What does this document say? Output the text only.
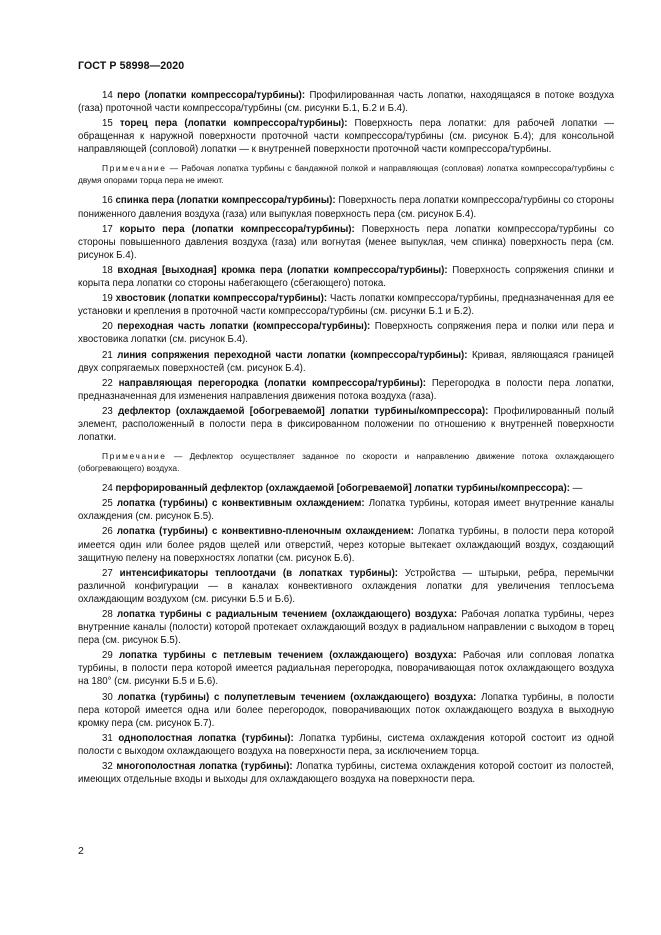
ГОСТ Р 58998—2020

14 перо (лопатки компрессора/турбины): Профилированная часть лопатки, находящаяся в потоке воздуха (газа) проточной части компрессора/турбины (см. рисунки Б.1, Б.2 и Б.4).

15 торец пера (лопатки компрессора/турбины): Поверхность пера лопатки: для рабочей лопатки — обращенная к наружной поверхности проточной части компрессора/турбины (см. рисунок Б.4); для консольной направляющей (сопловой) лопатки — к внутренней поверхности проточной части компрессора/турбины.

Примечание — Рабочая лопатка турбины с бандажной полкой и направляющая (сопловая) лопатка компрессора/турбины с двумя опорами торца пера не имеют.

16 спинка пера (лопатки компрессора/турбины): Поверхность пера лопатки компрессора/турбины со стороны пониженного давления воздуха (газа) или выпуклая поверхность пера (см. рисунок Б.4).

17 корыто пера (лопатки компрессора/турбины): Поверхность пера лопатки компрессора/турбины со стороны повышенного давления воздуха (газа) или вогнутая (менее выпуклая, чем спинка) поверхность пера (см. рисунок Б.4).

18 входная [выходная] кромка пера (лопатки компрессора/турбины): Поверхность сопряжения спинки и корыта пера лопатки со стороны набегающего (сбегающего) потока.

19 хвостовик (лопатки компрессора/турбины): Часть лопатки компрессора/турбины, предназначенная для ее установки и крепления в проточной части компрессора/турбины (см. рисунки Б.1 и Б.2).

20 переходная часть лопатки (компрессора/турбины): Поверхность сопряжения пера и полки или пера и хвостовика лопатки (см. рисунок Б.4).

21 линия сопряжения переходной части лопатки (компрессора/турбины): Кривая, являющаяся границей двух сопрягаемых поверхностей (см. рисунок Б.4).

22 направляющая перегородка (лопатки компрессора/турбины): Перегородка в полости пера лопатки, предназначенная для изменения направления движения потока воздуха (газа).

23 дефлектор (охлаждаемой [обогреваемой] лопатки турбины/компрессора): Профилированный полый элемент, расположенный в полости пера в фиксированном положении по отношению к внутренней поверхности лопатки.

Примечание — Дефлектор осуществляет заданное по скорости и направлению движение потока охлаждающего (обогревающего) воздуха.

24 перфорированный дефлектор (охлаждаемой [обогреваемой] лопатки турбины/компрессора): —

25 лопатка (турбины) с конвективным охлаждением: Лопатка турбины, которая имеет внутренние каналы охлаждения (см. рисунок Б.5).

26 лопатка (турбины) с конвективно-пленочным охлаждением: Лопатка турбины, в полости пера которой имеется один или более рядов щелей или отверстий, через которые вытекает охлаждающий воздух, создающий защитную пелену на поверхностях лопатки (см. рисунок Б.6).

27 интенсификаторы теплоотдачи (в лопатках турбины): Устройства — штырьки, ребра, перемычки различной конфигурации — в каналах конвективного охлаждения лопатки для увеличения теплосъема охлаждающим воздухом (см. рисунки Б.5 и Б.6).

28 лопатка турбины с радиальным течением (охлаждающего) воздуха: Рабочая лопатка турбины, через внутренние каналы (полости) которой протекает охлаждающий воздух в радиальном направлении с выходом в торец пера (см. рисунок Б.5).

29 лопатка турбины с петлевым течением (охлаждающего) воздуха: Рабочая или сопловая лопатка турбины, в полости пера которой имеется радиальная перегородка, поворачивающая поток охлаждающего воздуха на 180° (см. рисунки Б.5 и Б.6).

30 лопатка (турбины) с полупетлевым течением (охлаждающего) воздуха: Лопатка турбины, в полости пера которой имеется одна или более перегородок, поворачивающих поток охлаждающего воздуха в выходную кромку пера (см. рисунок Б.7).

31 однополостная лопатка (турбины): Лопатка турбины, система охлаждения которой состоит из одной полости с выходом охлаждающего воздуха на поверхности пера, за исключением торца.

32 многополостная лопатка (турбины): Лопатка турбины, система охлаждения которой состоит из полостей, имеющих отдельные входы и выходы для охлаждающего воздуха на поверхности пера.

2
